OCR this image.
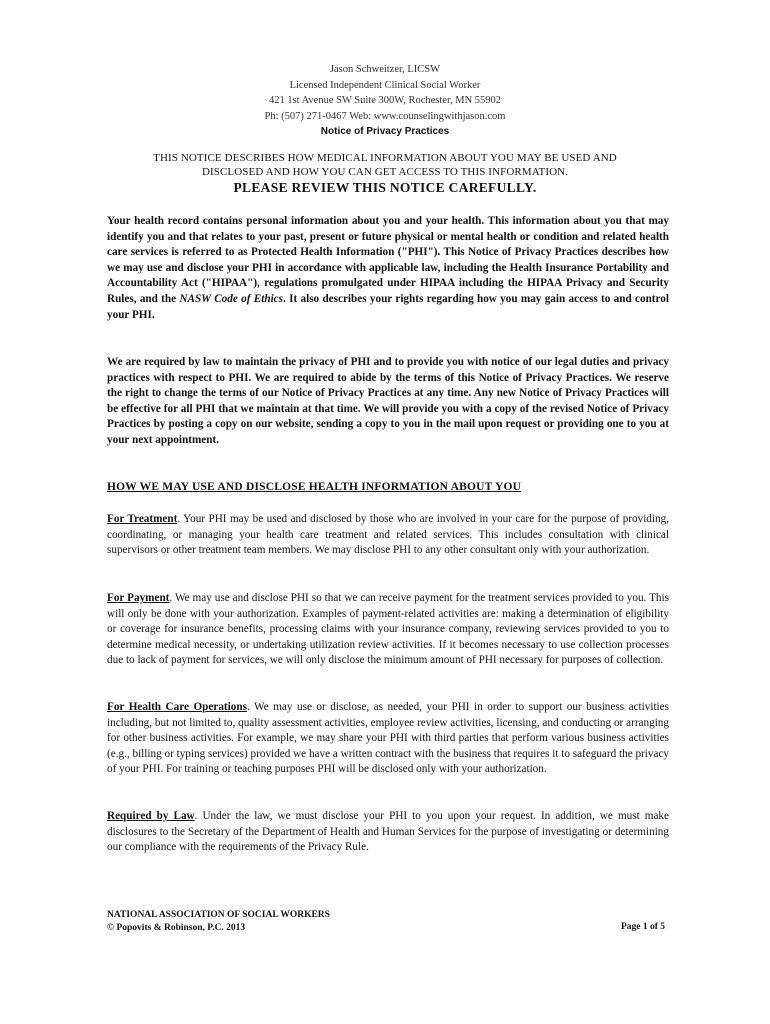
Jason Schweitzer, LICSW
Licensed Independent Clinical Social Worker
421 1st Avenue SW Suite 300W, Rochester, MN 55902
Ph: (507) 271-0467 Web: www.counselingwithjason.com
Notice of Privacy Practices
THIS NOTICE DESCRIBES HOW MEDICAL INFORMATION ABOUT YOU MAY BE USED AND
DISCLOSED AND HOW YOU CAN GET ACCESS TO THIS INFORMATION.
PLEASE REVIEW THIS NOTICE CAREFULLY.
Your health record contains personal information about you and your health. This information about you that may identify you and that relates to your past, present or future physical or mental health or condition and related health care services is referred to as Protected Health Information ("PHI"). This Notice of Privacy Practices describes how we may use and disclose your PHI in accordance with applicable law, including the Health Insurance Portability and Accountability Act ("HIPAA"), regulations promulgated under HIPAA including the HIPAA Privacy and Security Rules, and the NASW Code of Ethics. It also describes your rights regarding how you may gain access to and control your PHI.
We are required by law to maintain the privacy of PHI and to provide you with notice of our legal duties and privacy practices with respect to PHI. We are required to abide by the terms of this Notice of Privacy Practices. We reserve the right to change the terms of our Notice of Privacy Practices at any time. Any new Notice of Privacy Practices will be effective for all PHI that we maintain at that time. We will provide you with a copy of the revised Notice of Privacy Practices by posting a copy on our website, sending a copy to you in the mail upon request or providing one to you at your next appointment.
HOW WE MAY USE AND DISCLOSE HEALTH INFORMATION ABOUT YOU
For Treatment. Your PHI may be used and disclosed by those who are involved in your care for the purpose of providing, coordinating, or managing your health care treatment and related services. This includes consultation with clinical supervisors or other treatment team members. We may disclose PHI to any other consultant only with your authorization.
For Payment. We may use and disclose PHI so that we can receive payment for the treatment services provided to you. This will only be done with your authorization. Examples of payment-related activities are: making a determination of eligibility or coverage for insurance benefits, processing claims with your insurance company, reviewing services provided to you to determine medical necessity, or undertaking utilization review activities. If it becomes necessary to use collection processes due to lack of payment for services, we will only disclose the minimum amount of PHI necessary for purposes of collection.
For Health Care Operations. We may use or disclose, as needed, your PHI in order to support our business activities including, but not limited to, quality assessment activities, employee review activities, licensing, and conducting or arranging for other business activities. For example, we may share your PHI with third parties that perform various business activities (e.g., billing or typing services) provided we have a written contract with the business that requires it to safeguard the privacy of your PHI. For training or teaching purposes PHI will be disclosed only with your authorization.
Required by Law. Under the law, we must disclose your PHI to you upon your request. In addition, we must make disclosures to the Secretary of the Department of Health and Human Services for the purpose of investigating or determining our compliance with the requirements of the Privacy Rule.
NATIONAL ASSOCIATION OF SOCIAL WORKERS
© Popovits & Robinson, P.C. 2013	Page 1 of 5
